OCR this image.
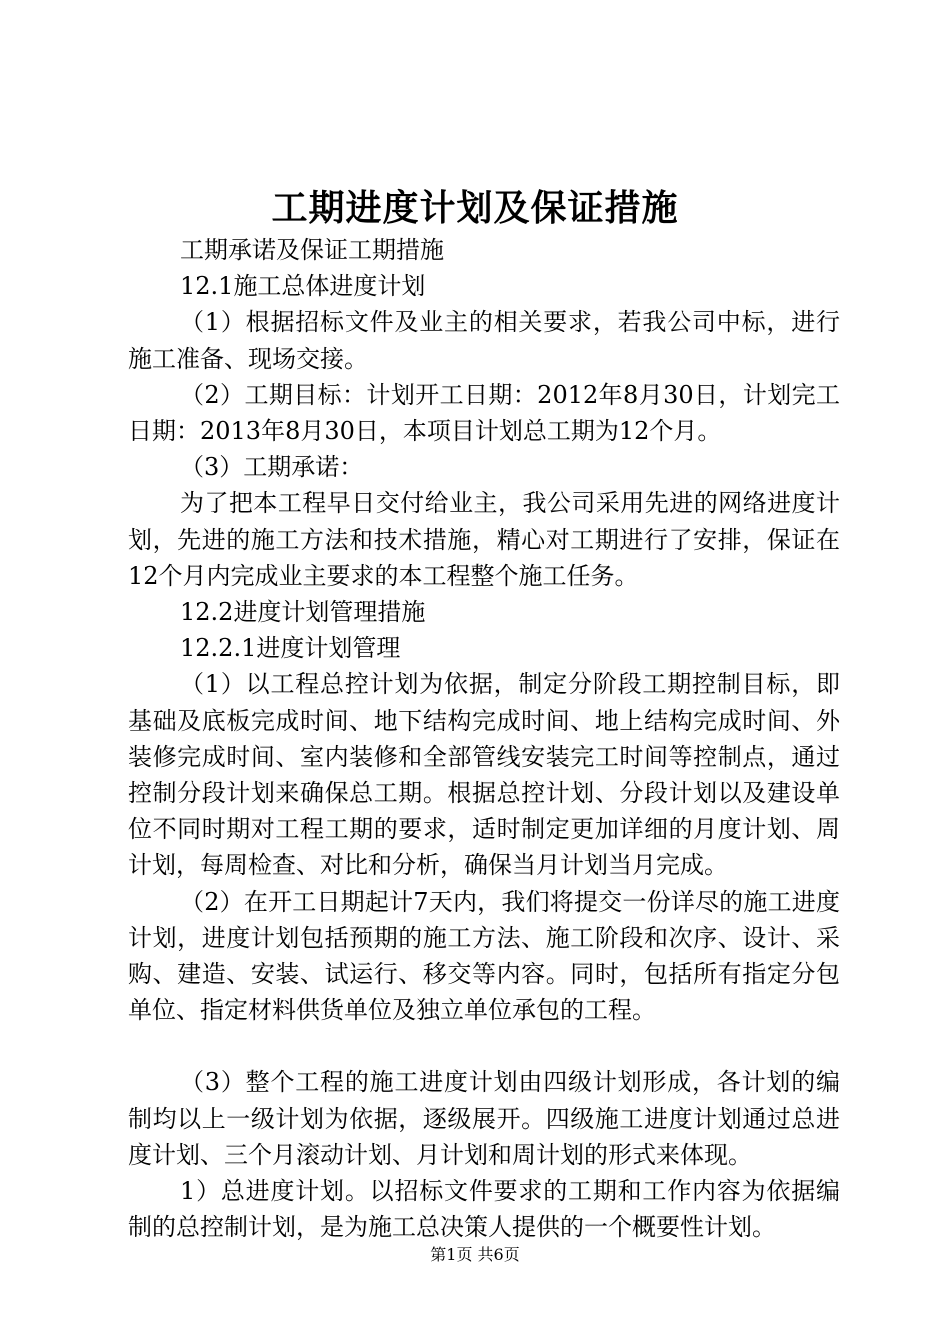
工期进度计划及保证措施

工期承诺及保证工期措施

12.1施工总体进度计划

（1）根据招标文件及业主的相关要求，若我公司中标，进行施工准备、现场交接。

（2）工期目标：计划开工日期：2012年8月30日，计划完工日期：2013年8月30日，本项目计划总工期为12个月。

（3）工期承诺：

为了把本工程早日交付给业主，我公司采用先进的网络进度计划，先进的施工方法和技术措施，精心对工期进行了安排，保证在12个月内完成业主要求的本工程整个施工任务。

12.2进度计划管理措施

12.2.1进度计划管理

（1）以工程总控计划为依据，制定分阶段工期控制目标，即基础及底板完成时间、地下结构完成时间、地上结构完成时间、外装修完成时间、室内装修和全部管线安装完工时间等控制点，通过控制分段计划来确保总工期。根据总控计划、分段计划以及建设单位不同时期对工程工期的要求，适时制定更加详细的月度计划、周计划，每周检查、对比和分析，确保当月计划当月完成。

（2）在开工日期起计7天内，我们将提交一份详尽的施工进度计划，进度计划包括预期的施工方法、施工阶段和次序、设计、采购、建造、安装、试运行、移交等内容。同时，包括所有指定分包单位、指定材料供货单位及独立单位承包的工程。

（3）整个工程的施工进度计划由四级计划形成，各计划的编制均以上一级计划为依据，逐级展开。四级施工进度计划通过总进度计划、三个月滚动计划、月计划和周计划的形式来体现。

1）总进度计划。以招标文件要求的工期和工作内容为依据编制的总控制计划，是为施工总决策人提供的一个概要性计划。

第1页 共6页
